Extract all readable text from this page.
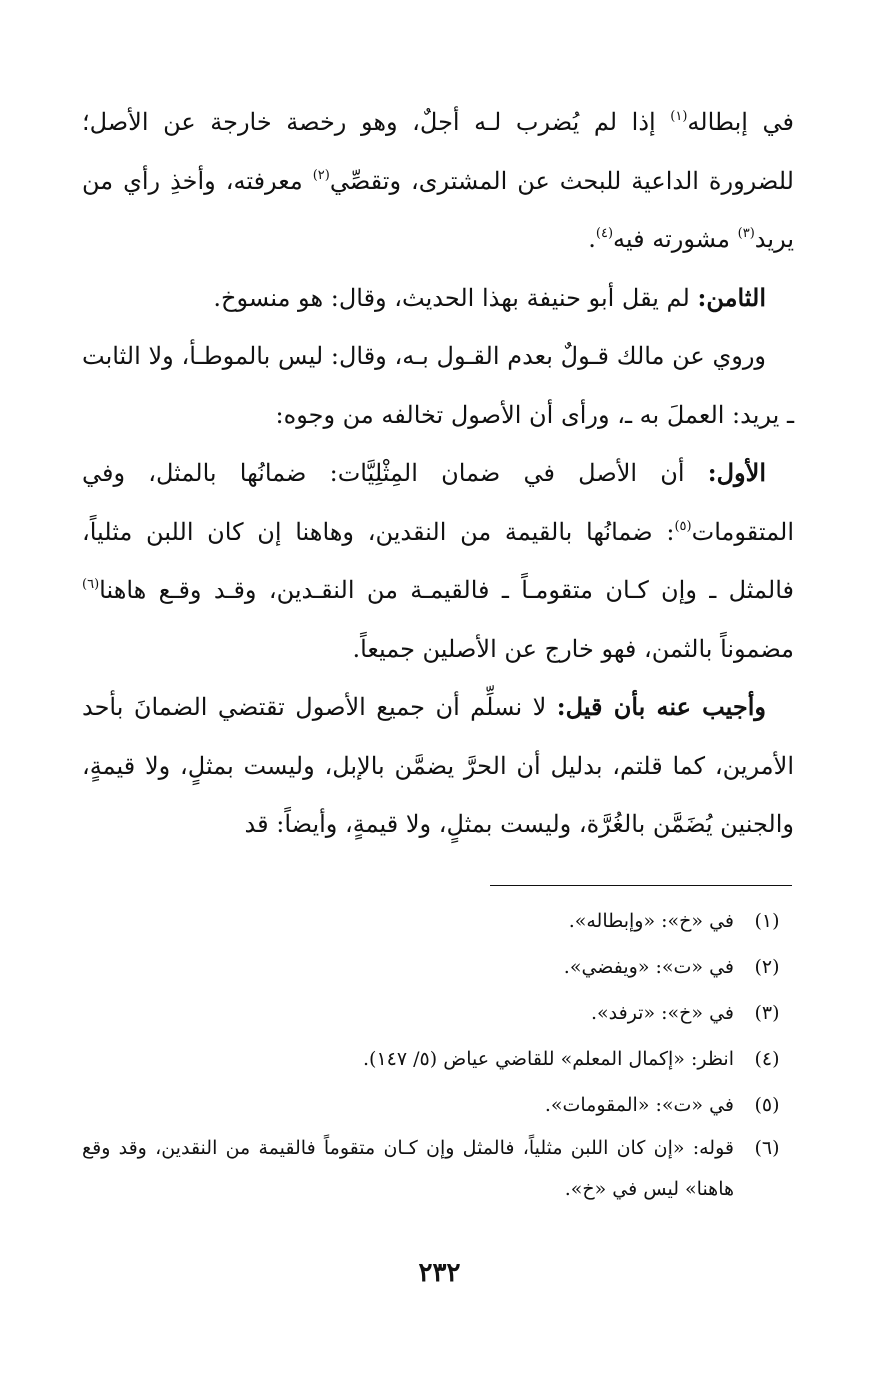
في إبطاله$^{(١)}$ إذا لم يُضرب لـه أجلٌ، وهو رخصة خارجة عن الأصل؛ للضرورة الداعية للبحث عن المشترى، وتقصِّي$^{(٢)}$ معرفته، وأخذِ رأي من يريد$^{(٣)}$ مشورته فيه$^{(٤)}$.

الثامن: لم يقل أبو حنيفة بهذا الحديث، وقال: هو منسوخ.

وروي عن مالك قـولٌ بعدم القـول بـه، وقال: ليس بالموطـأ، ولا الثابت ـ يريد: العملَ به ـ، ورأى أن الأصول تخالفه من وجوه:

الأول: أن الأصل في ضمان المِثْلِيَّات: ضمانُها بالمثل، وفي المتقومات$^{(٥)}$: ضمانُها بالقيمة من النقدين، وهاهنا إن كان اللبن مثلياً، فالمثل ـ وإن كـان متقومـاً ـ فالقيمـة من النقـدين، وقـد وقـع هاهنا$^{(٦)}$ مضموناً بالثمن، فهو خارج عن الأصلين جميعاً.

وأجيب عنه بأن قيل: لا نسلِّم أن جميع الأصول تقتضي الضمانَ بأحد الأمرين، كما قلتم، بدليل أن الحرَّ يضمَّن بالإبل، وليست بمثلٍ، ولا قيمةٍ، والجنين يُضَمَّن بالغُرَّة، وليست بمثلٍ، ولا قيمةٍ، وأيضاً: قد

(١)
في «خ»: «وإبطاله».
(٢)
في «ت»: «ويفضي».
(٣)
في «خ»: «ترفد».
(٤)
انظر: «إكمال المعلم» للقاضي عياض (٥/ ١٤٧).
(٥)
في «ت»: «المقومات».
(٦)
قوله: «إن كان اللبن مثلياً، فالمثل وإن كـان متقوماً فالقيمة من النقدين، وقد وقع هاهنا» ليس في «خ».
٢٣٢
